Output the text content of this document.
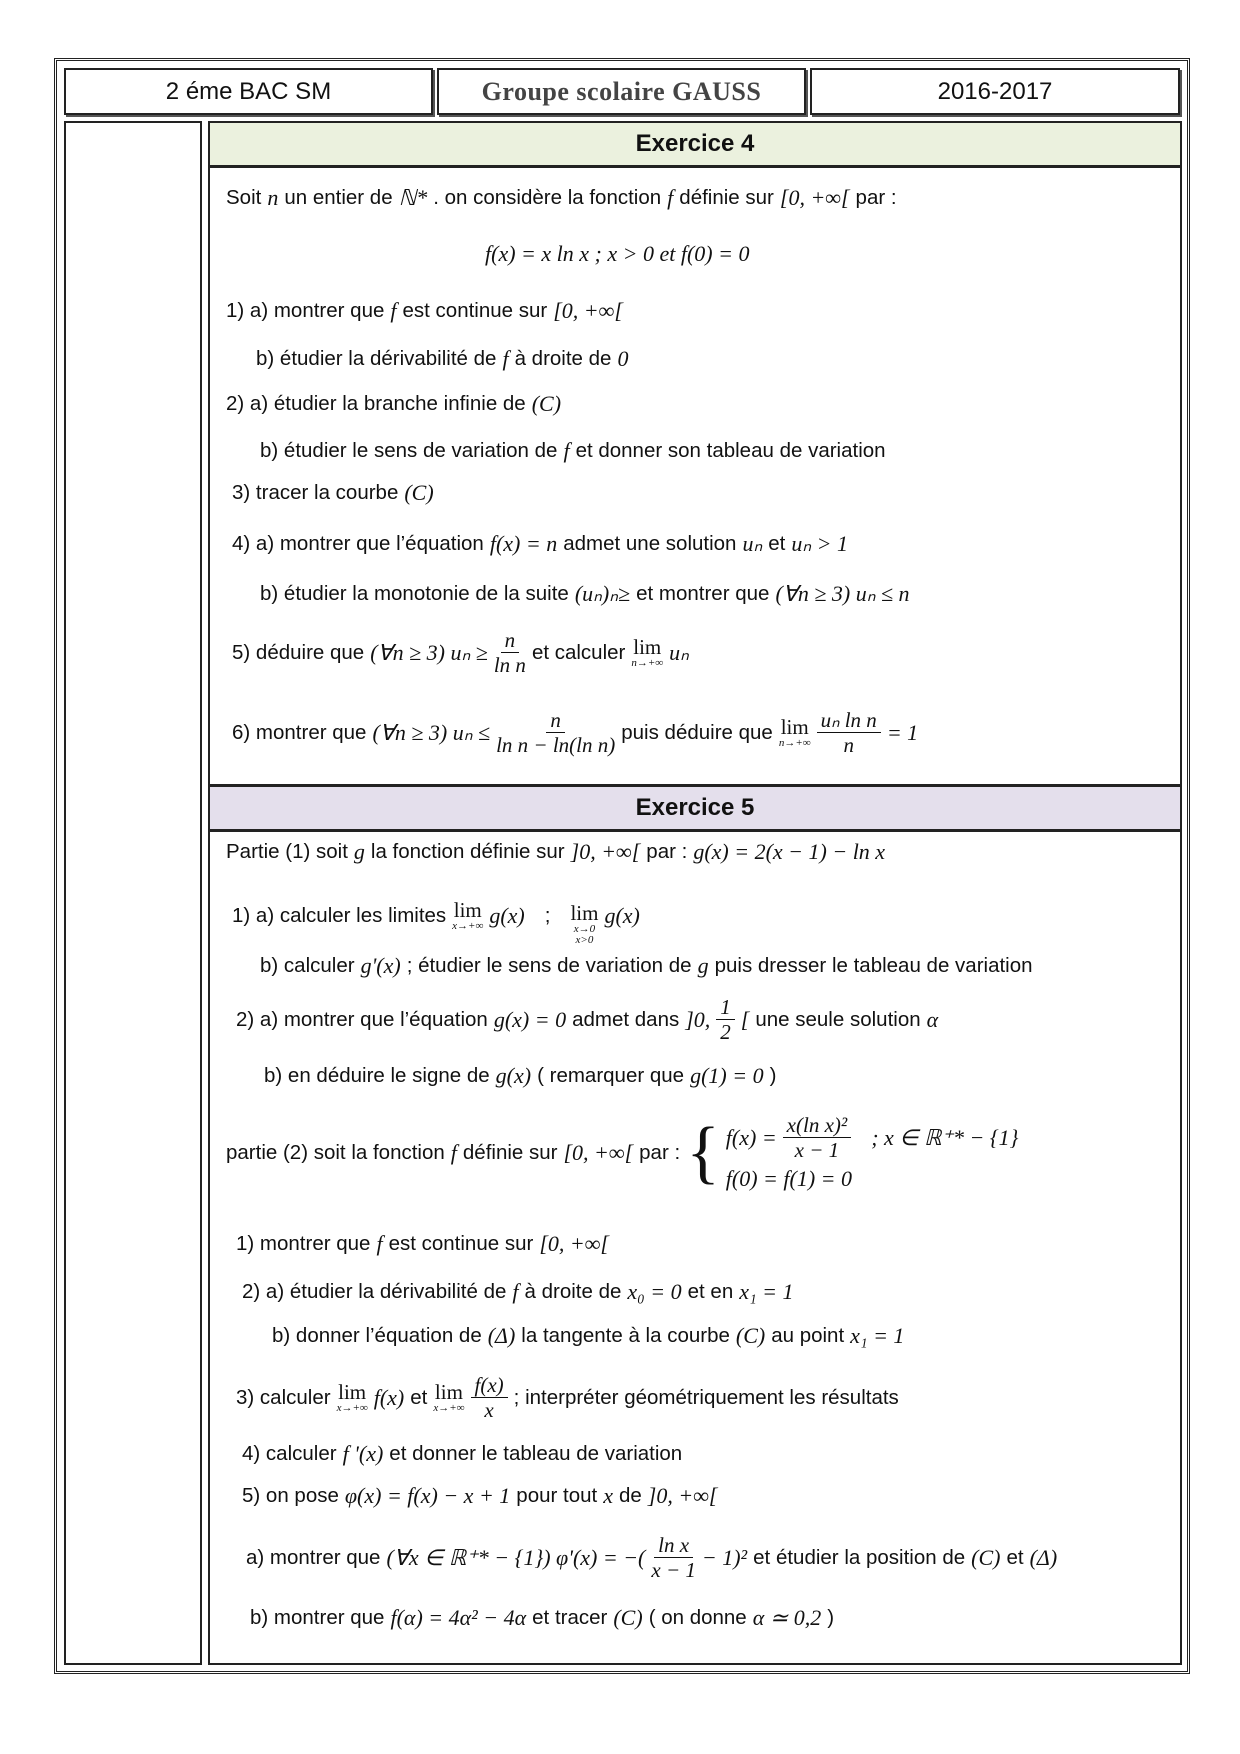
2 éme BAC SM	Groupe scolaire GAUSS	2016-2017
Exercice 4
Soit n un entier de ℕ* . on considère la fonction f définie sur [0, +∞[ par :
f(x) = x ln x ; x > 0 et f(0) = 0
1) a) montrer que f est continue sur [0, +∞[
b) étudier la dérivabilité de f à droite de 0
2) a) étudier la branche infinie de (C)
b) étudier le sens de variation de f et donner son tableau de variation
3) tracer la courbe (C)
4) a) montrer que l’équation f(x) = n admet une solution uₙ et uₙ > 1
b) étudier la monotonie de la suite (uₙ)ₙ≥ et montrer que (∀n ≥ 3) uₙ ≤ n
5) déduire que (∀n ≥ 3) $u_n \ge \frac{n}{\text{ln n}}$ et calculer lim
n→+∞ uₙ
6) montrer que (∀n ≥ 3) $u_n \le \frac{n}{\text{ln n − ln(ln n)}}$ puis déduire que lim
$n\to+\infty \frac{\text{uₙ ln n}}{n} = 1$
Exercice 5
Partie (1) soit g la fonction définie sur ]0, +∞[ par : g(x) = 2(x − 1) − ln x
1) a) calculer les limites lim
x→+∞ g(x) ; lim
x→0
x>0
g(x)
b) calculer g'(x) ; étudier le sens de variation de g puis dresser le tableau de variation
2) a) montrer que l’équation g(x) = 0 admet dans ]0, $\frac{1}{2}$ [ une seule solution α
b) en déduire le signe de g(x) ( remarquer que g(1) = 0 )
partie (2) soit la fonction f définie sur [0, +∞[ par : { $f(x) = \frac{\text{x(ln x)²}}{x - 1}$ ; x ∈ ℝ⁺* − {1}
f(0) = f(1) = 0
1) montrer que f est continue sur [0, +∞[
2) a) étudier la dérivabilité de f à droite de x₀ = 0 et en x₁ = 1
b) donner l’équation de (Δ) la tangente à la courbe (C) au point x₁ = 1
3) calculer lim
x→+∞ f(x) et lim
$x\to+\infty \frac{f(x)}{x}$ ; interpréter géométriquement les résultats
4) calculer f '(x) et donner le tableau de variation
5) on pose φ(x) = f(x) − x + 1 pour tout x de ]0, +∞[
a) montrer que (∀x ∈ ℝ⁺* − {1}) φ'(x) = −( $\frac{\text{ln x}}{x - 1} - 1)^2$ et étudier la position de (C) et (Δ)
b) montrer que f(α) = 4α² − 4α et tracer (C) ( on donne α ≃ 0,2 )
